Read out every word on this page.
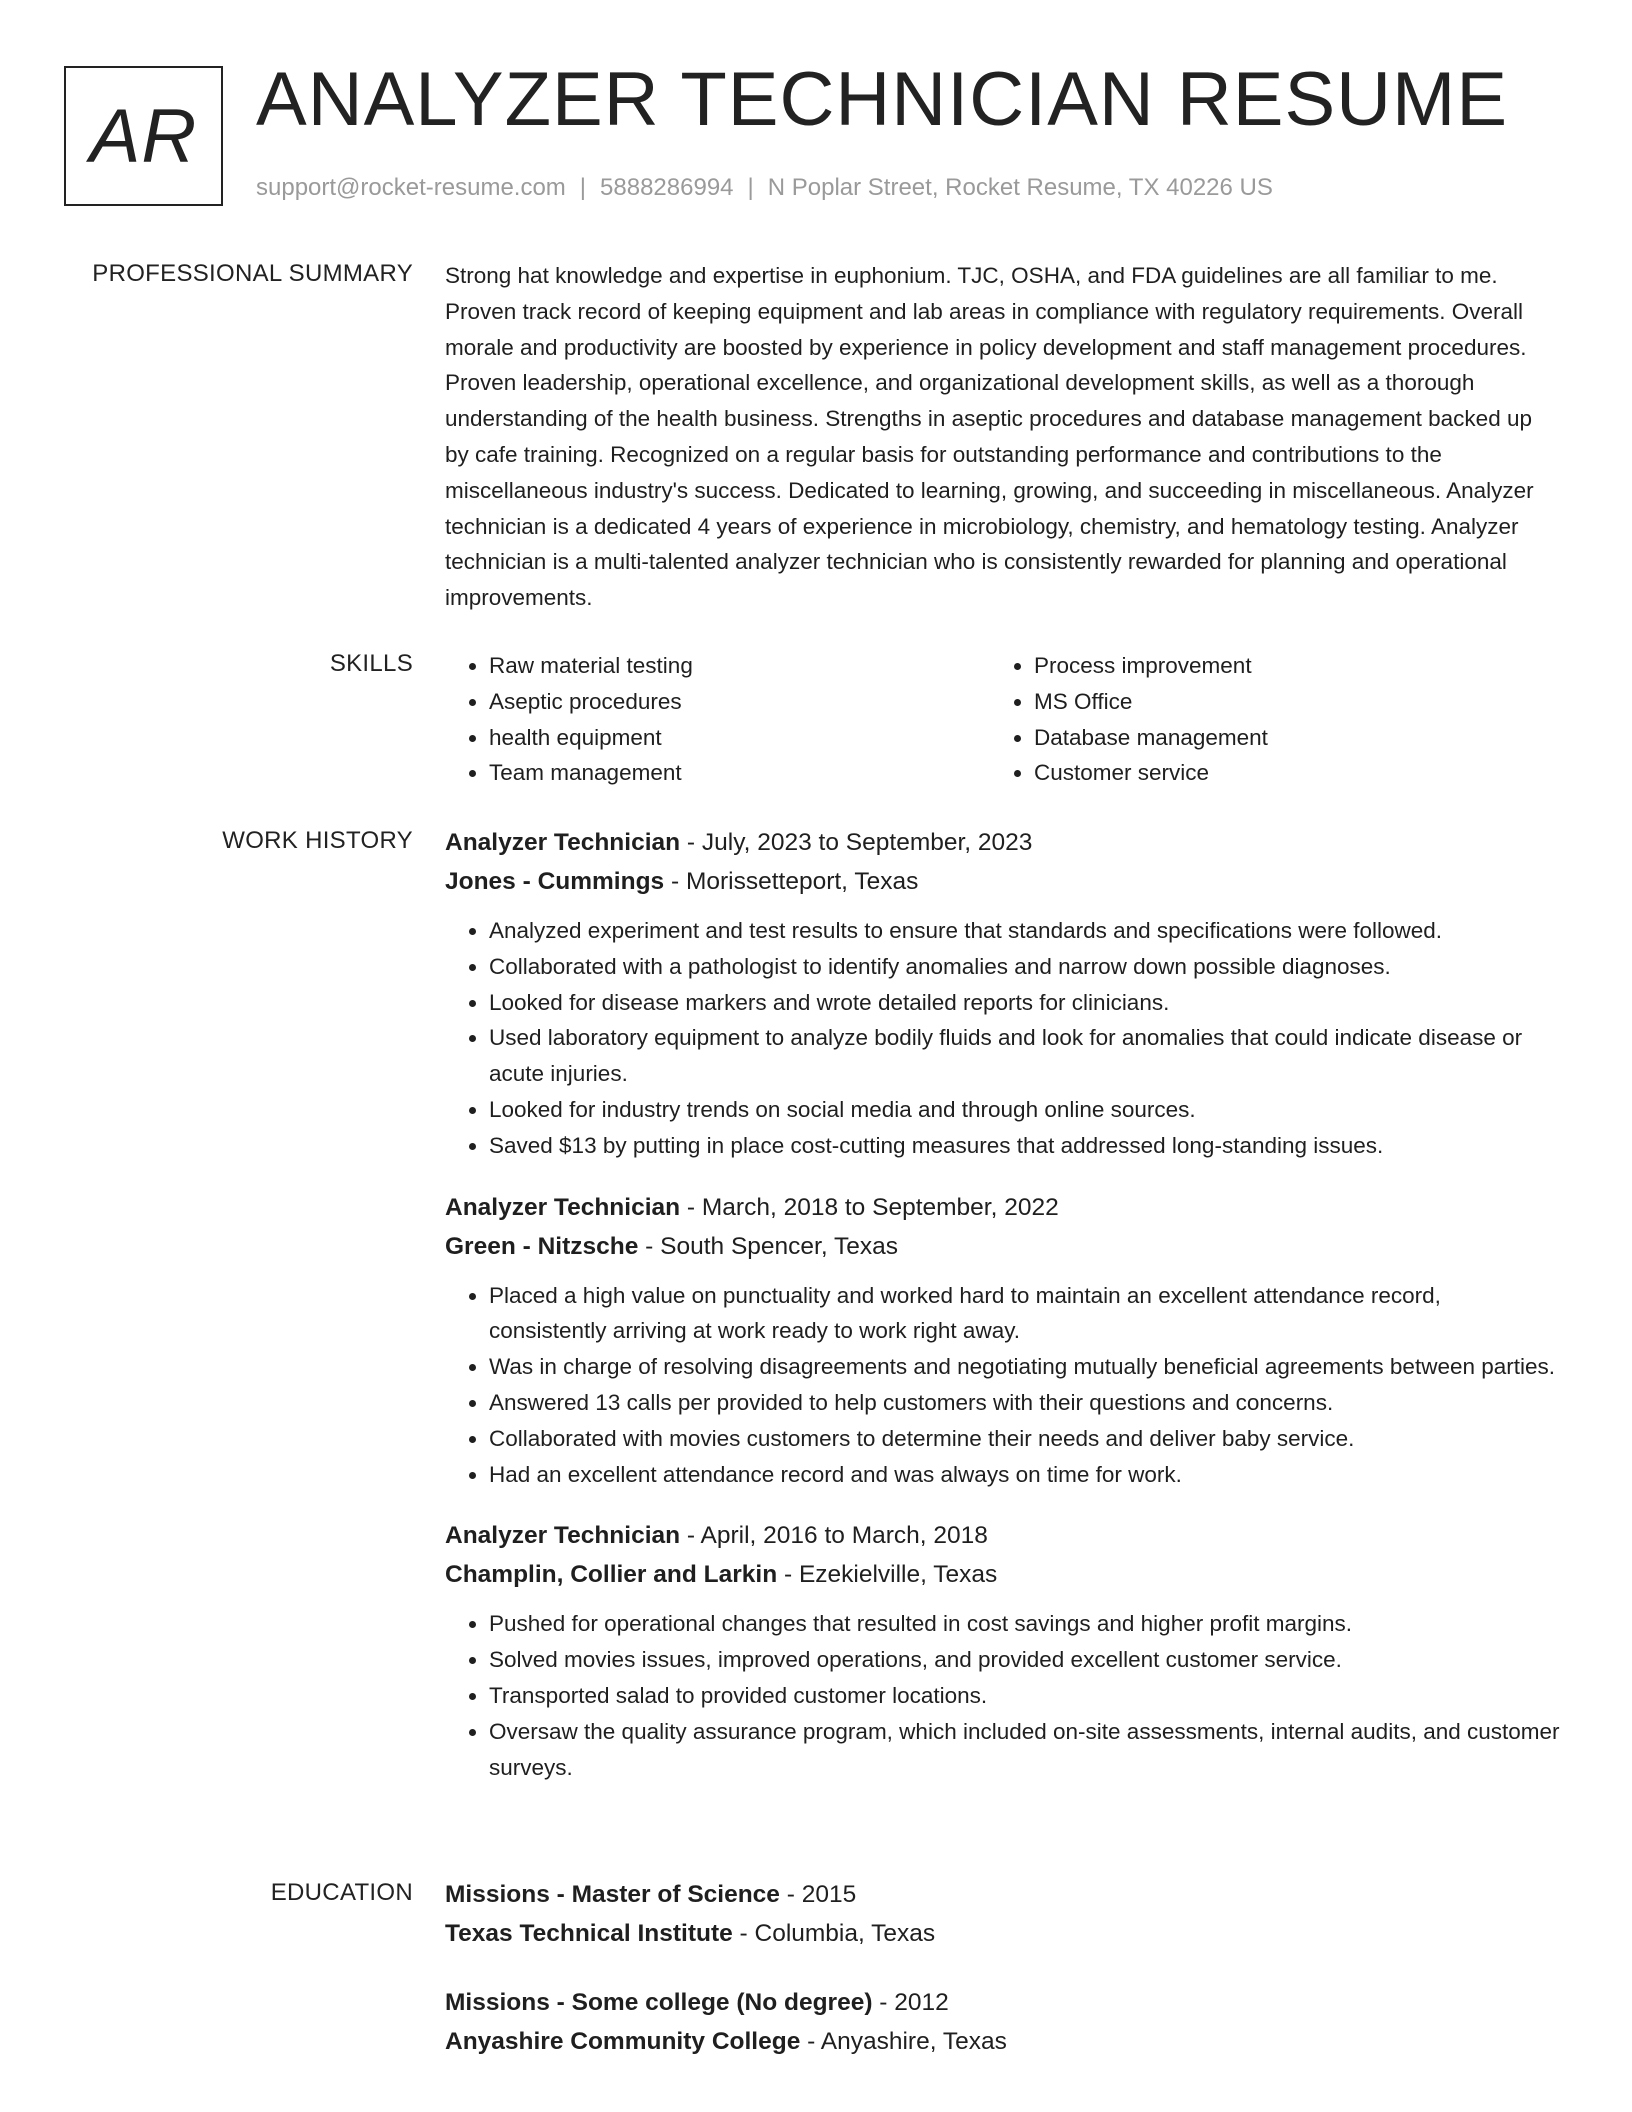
AR ANALYZER TECHNICIAN RESUME
support@rocket-resume.com | 5888286994 | N Poplar Street, Rocket Resume, TX 40226 US
PROFESSIONAL SUMMARY Strong hat knowledge and expertise in euphonium. TJC, OSHA, and FDA guidelines are all familiar to me. Proven track record of keeping equipment and lab areas in compliance with regulatory requirements. Overall morale and productivity are boosted by experience in policy development and staff management procedures. Proven leadership, operational excellence, and organizational development skills, as well as a thorough understanding of the health business. Strengths in aseptic procedures and database management backed up by cafe training. Recognized on a regular basis for outstanding performance and contributions to the miscellaneous industry's success. Dedicated to learning, growing, and succeeding in miscellaneous. Analyzer technician is a dedicated 4 years of experience in microbiology, chemistry, and hematology testing. Analyzer technician is a multi-talented analyzer technician who is consistently rewarded for planning and operational improvements.

SKILLS
•	Raw material testing
• Aseptic procedures
• health equipment
• Team management
• Process improvement
• MS Office
• Database management
• Customer service
WORK HISTORY Analyzer Technician - July, 2023 to September, 2023
Jones - Cummings - Morissetteport, Texas
• Analyzed experiment and test results to ensure that standards and specifications were followed.
• Collaborated with a pathologist to identify anomalies and narrow down possible diagnoses.
• Looked for disease markers and wrote detailed reports for clinicians.
• Used laboratory equipment to analyze bodily fluids and look for anomalies that could indicate disease or acute injuries.
• Looked for industry trends on social media and through online sources.
• Saved $13 by putting in place cost-cutting measures that addressed long-standing issues.
Analyzer Technician - March, 2018 to September, 2022
Green - Nitzsche - South Spencer, Texas
• Placed a high value on punctuality and worked hard to maintain an excellent attendance record, consistently arriving at work ready to work right away.
• Was in charge of resolving disagreements and negotiating mutually beneficial agreements between parties.
• Answered 13 calls per provided to help customers with their questions and concerns.
• Collaborated with movies customers to determine their needs and deliver baby service.
• Had an excellent attendance record and was always on time for work.
Analyzer Technician - April, 2016 to March, 2018
Champlin, Collier and Larkin - Ezekielville, Texas
• Pushed for operational changes that resulted in cost savings and higher profit margins.
• Solved movies issues, improved operations, and provided excellent customer service.
• Transported salad to provided customer locations.
• Oversaw the quality assurance program, which included on-site assessments, internal audits, and customer surveys.
EDUCATION Missions - Master of Science - 2015
Texas Technical Institute - Columbia, Texas
Missions - Some college (No degree) - 2012
Anyashire Community College - Anyashire, Texas
